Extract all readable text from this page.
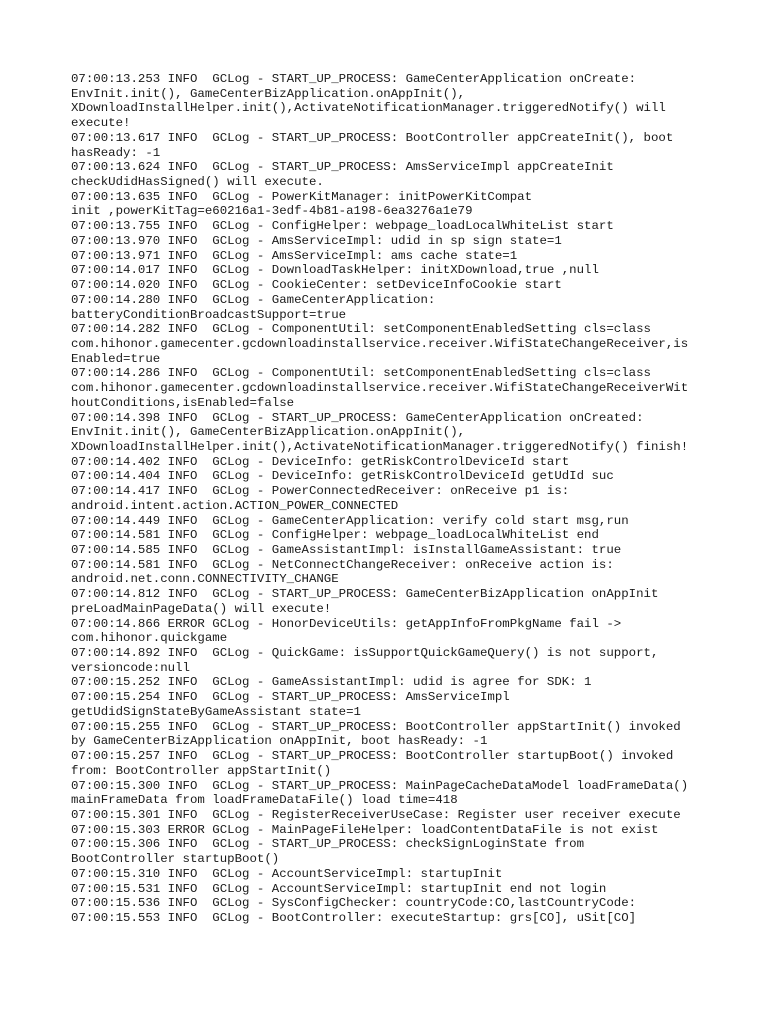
07:00:13.253 INFO  GCLog - START_UP_PROCESS: GameCenterApplication onCreate:
EnvInit.init(), GameCenterBizApplication.onAppInit(),
XDownloadInstallHelper.init(),ActivateNotificationManager.triggeredNotify() will
execute!
07:00:13.617 INFO  GCLog - START_UP_PROCESS: BootController appCreateInit(), boot
hasReady: -1
07:00:13.624 INFO  GCLog - START_UP_PROCESS: AmsServiceImpl appCreateInit
checkUdidHasSigned() will execute.
07:00:13.635 INFO  GCLog - PowerKitManager: initPowerKitCompat
init ,powerKitTag=e60216a1-3edf-4b81-a198-6ea3276a1e79
07:00:13.755 INFO  GCLog - ConfigHelper: webpage_loadLocalWhiteList start
07:00:13.970 INFO  GCLog - AmsServiceImpl: udid in sp sign state=1
07:00:13.971 INFO  GCLog - AmsServiceImpl: ams cache state=1
07:00:14.017 INFO  GCLog - DownloadTaskHelper: initXDownload,true ,null
07:00:14.020 INFO  GCLog - CookieCenter: setDeviceInfoCookie start
07:00:14.280 INFO  GCLog - GameCenterApplication:
batteryConditionBroadcastSupport=true
07:00:14.282 INFO  GCLog - ComponentUtil: setComponentEnabledSetting cls=class
com.hihonor.gamecenter.gcdownloadinstallservice.receiver.WifiStateChangeReceiver,is
Enabled=true
07:00:14.286 INFO  GCLog - ComponentUtil: setComponentEnabledSetting cls=class
com.hihonor.gamecenter.gcdownloadinstallservice.receiver.WifiStateChangeReceiverWit
houtConditions,isEnabled=false
07:00:14.398 INFO  GCLog - START_UP_PROCESS: GameCenterApplication onCreated:
EnvInit.init(), GameCenterBizApplication.onAppInit(),
XDownloadInstallHelper.init(),ActivateNotificationManager.triggeredNotify() finish!
07:00:14.402 INFO  GCLog - DeviceInfo: getRiskControlDeviceId start
07:00:14.404 INFO  GCLog - DeviceInfo: getRiskControlDeviceId getUdId suc
07:00:14.417 INFO  GCLog - PowerConnectedReceiver: onReceive p1 is:
android.intent.action.ACTION_POWER_CONNECTED
07:00:14.449 INFO  GCLog - GameCenterApplication: verify cold start msg,run
07:00:14.581 INFO  GCLog - ConfigHelper: webpage_loadLocalWhiteList end
07:00:14.585 INFO  GCLog - GameAssistantImpl: isInstallGameAssistant: true
07:00:14.581 INFO  GCLog - NetConnectChangeReceiver: onReceive action is:
android.net.conn.CONNECTIVITY_CHANGE
07:00:14.812 INFO  GCLog - START_UP_PROCESS: GameCenterBizApplication onAppInit
preLoadMainPageData() will execute!
07:00:14.866 ERROR GCLog - HonorDeviceUtils: getAppInfoFromPkgName fail ->
com.hihonor.quickgame
07:00:14.892 INFO  GCLog - QuickGame: isSupportQuickGameQuery() is not support,
versioncode:null
07:00:15.252 INFO  GCLog - GameAssistantImpl: udid is agree for SDK: 1
07:00:15.254 INFO  GCLog - START_UP_PROCESS: AmsServiceImpl
getUdidSignStateByGameAssistant state=1
07:00:15.255 INFO  GCLog - START_UP_PROCESS: BootController appStartInit() invoked
by GameCenterBizApplication onAppInit, boot hasReady: -1
07:00:15.257 INFO  GCLog - START_UP_PROCESS: BootController startupBoot() invoked
from: BootController appStartInit()
07:00:15.300 INFO  GCLog - START_UP_PROCESS: MainPageCacheDataModel loadFrameData()
mainFrameData from loadFrameDataFile() load time=418
07:00:15.301 INFO  GCLog - RegisterReceiverUseCase: Register user receiver execute
07:00:15.303 ERROR GCLog - MainPageFileHelper: loadContentDataFile is not exist
07:00:15.306 INFO  GCLog - START_UP_PROCESS: checkSignLoginState from
BootController startupBoot()
07:00:15.310 INFO  GCLog - AccountServiceImpl: startupInit
07:00:15.531 INFO  GCLog - AccountServiceImpl: startupInit end not login
07:00:15.536 INFO  GCLog - SysConfigChecker: countryCode:CO,lastCountryCode:
07:00:15.553 INFO  GCLog - BootController: executeStartup: grs[CO], uSit[CO]
